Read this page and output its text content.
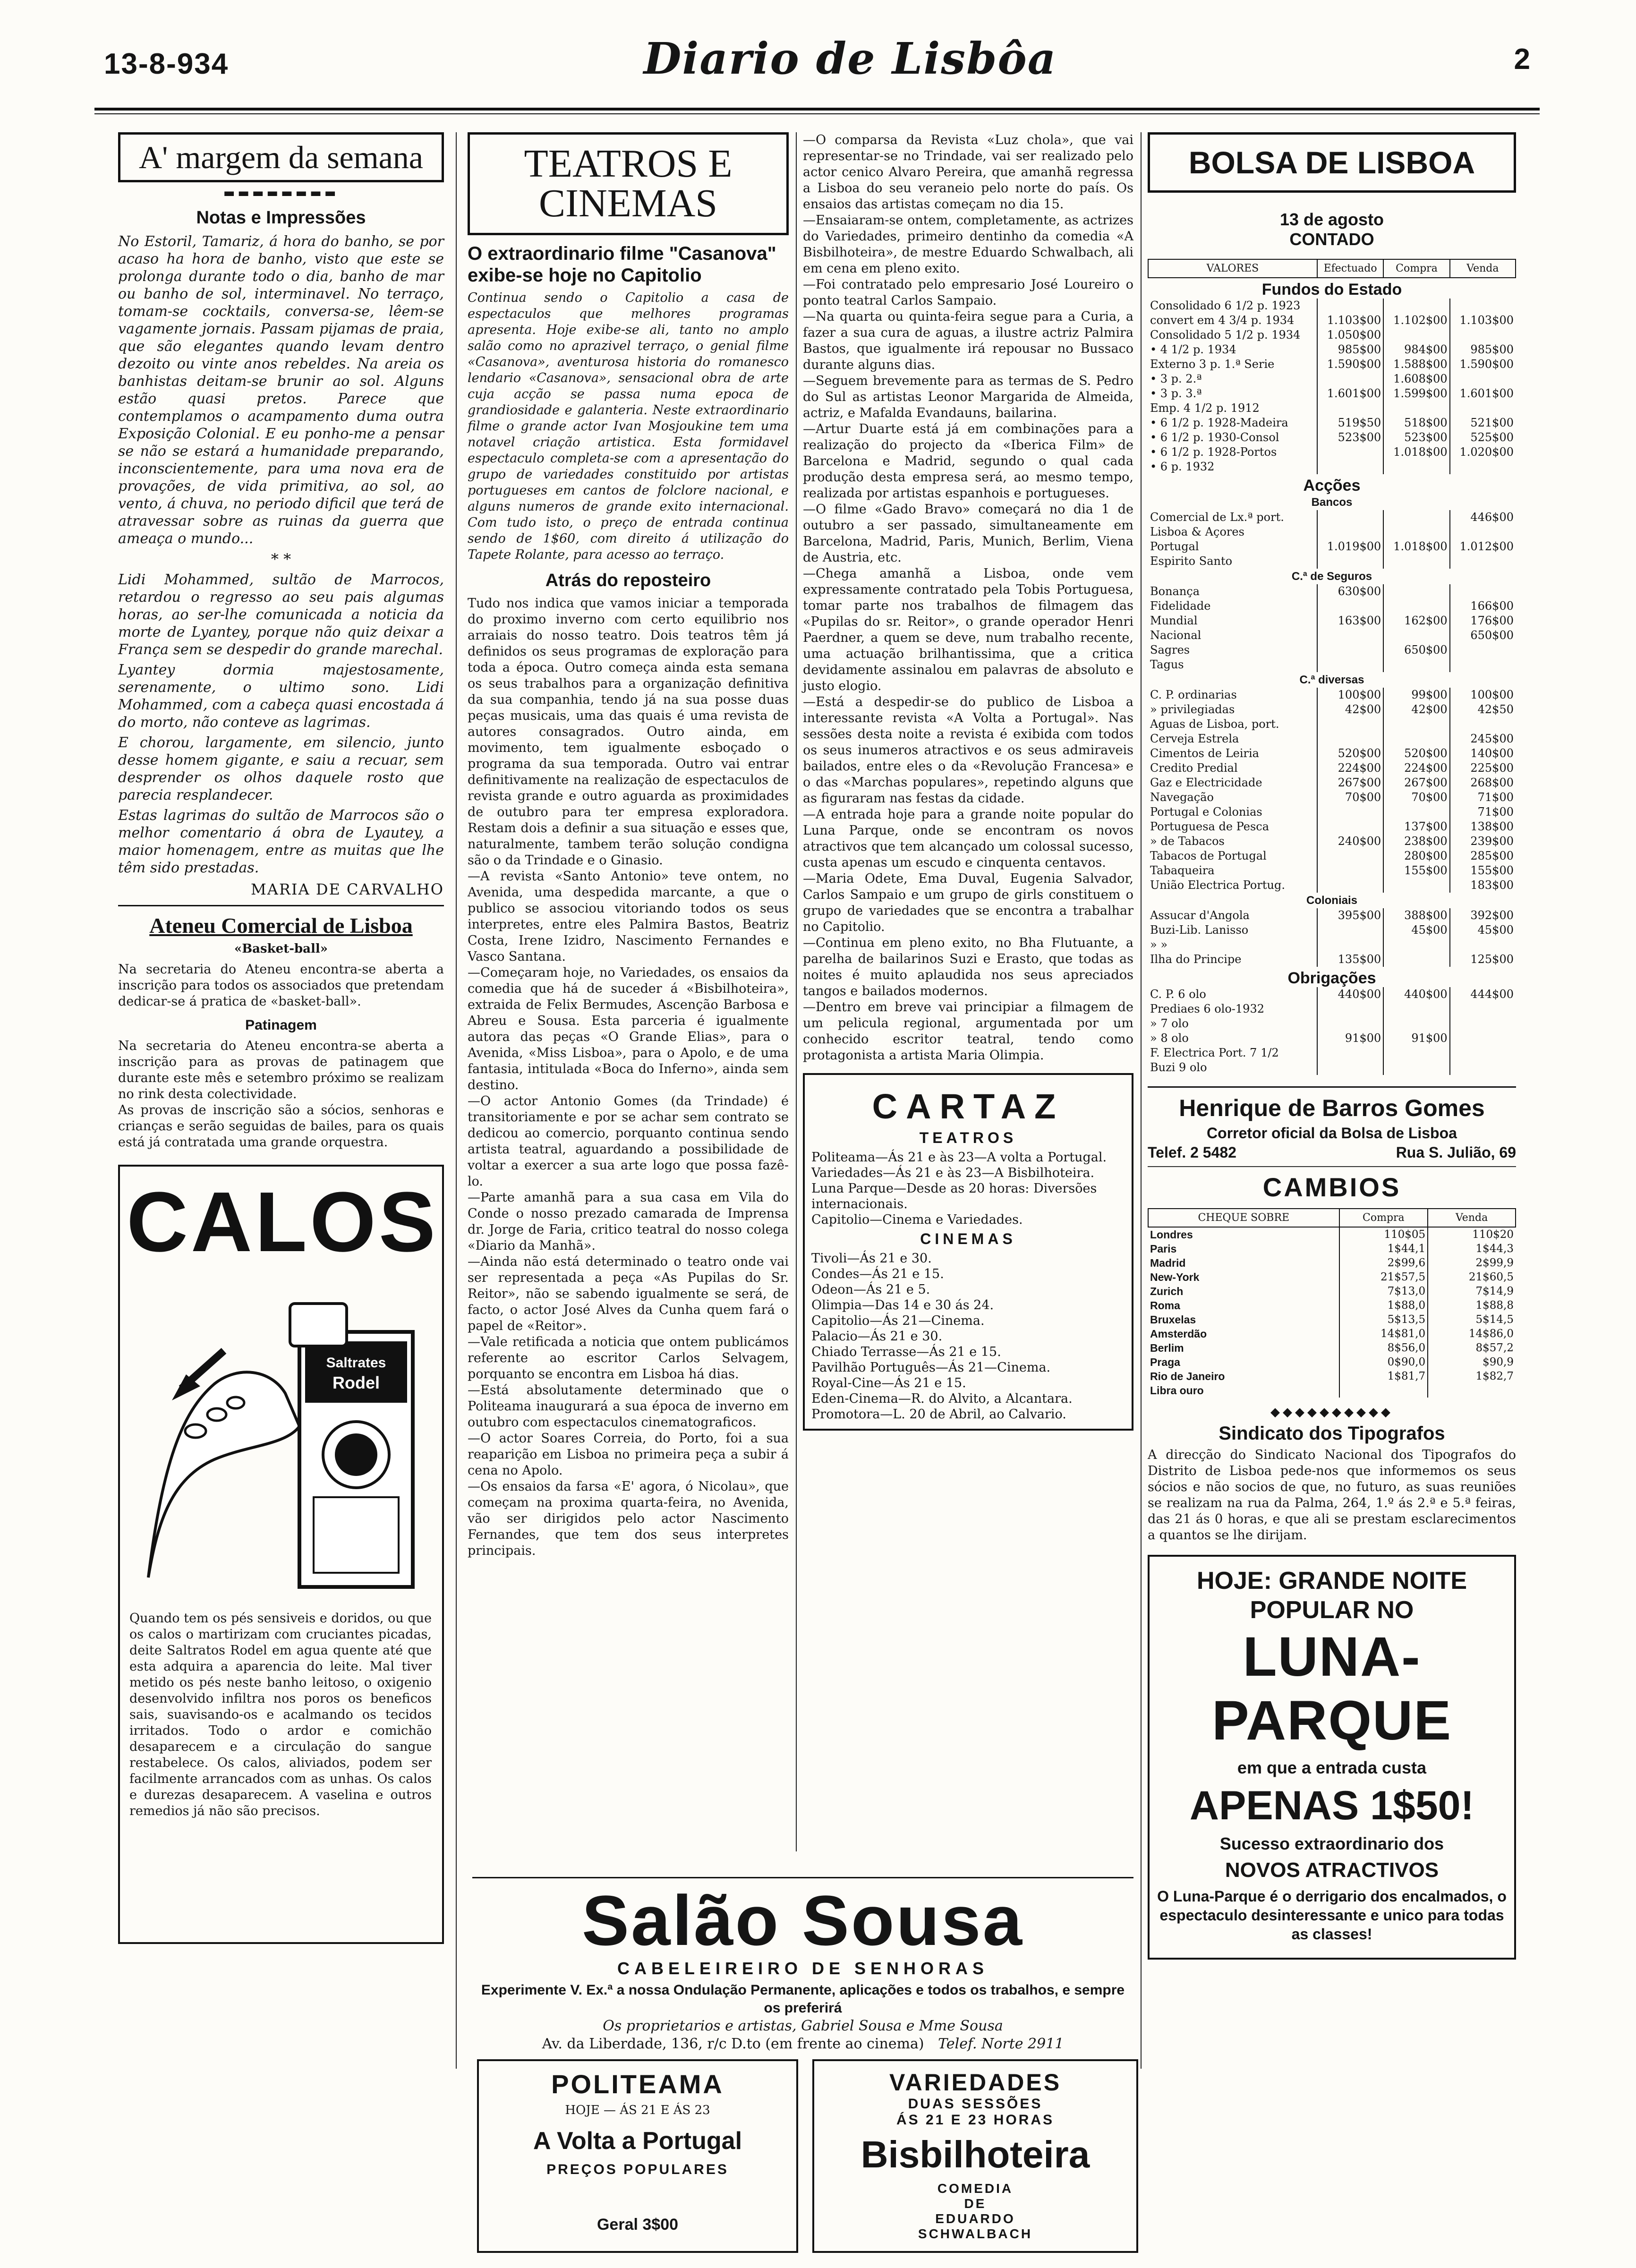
13-8-934	Diario de Lisbôa	2
A' margem da semana
▬▬▬▬▬▬▬▬
Notas e Impressões

No Estoril, Tamariz, á hora do banho, se por acaso ha hora de banho, visto que este se prolonga durante todo o dia, banho de mar ou banho de sol, interminavel. No terraço, tomam-se cocktails, conversa-se, lêem-se vagamente jornais. Passam pijamas de praia, que são elegantes quando levam dentro dezoito ou vinte anos rebeldes. Na areia os banhistas deitam-se brunir ao sol. Alguns estão quasi pretos. Parece que contemplamos o acampamento duma outra Exposição Colonial. E eu ponho-me a pensar se não se estará a humanidade preparando, inconscientemente, para uma nova era de provações, de vida primitiva, ao sol, ao vento, á chuva, no periodo dificil que terá de atravessar sobre as ruinas da guerra que ameaça o mundo...

* *

Lidi Mohammed, sultão de Marrocos, retardou o regresso ao seu pais algumas horas, ao ser-lhe comunicada a noticia da morte de Lyantey, porque não quiz deixar a França sem se despedir do grande marechal.

Lyantey dormia majestosamente, serenamente, o ultimo sono. Lidi Mohammed, com a cabeça quasi encostada á do morto, não conteve as lagrimas.

E chorou, largamente, em silencio, junto desse homem gigante, e saiu a recuar, sem desprender os olhos daquele rosto que parecia resplandecer.

Estas lagrimas do sultão de Marrocos são o melhor comentario á obra de Lyautey, a maior homenagem, entre as muitas que lhe têm sido prestadas.

MARIA DE CARVALHO
Ateneu Comercial de Lisboa
«Basket-ball»

Na secretaria do Ateneu encontra-se aberta a inscrição para todos os associados que pretendam dedicar-se á pratica de «basket-ball».

Patinagem

Na secretaria do Ateneu encontra-se aberta a inscrição para as provas de patinagem que durante este mês e setembro próximo se realizam no rink desta colectividade.

As provas de inscrição são a sócios, senhoras e crianças e serão seguidas de bailes, para os quais está já contratada uma grande orquestra.

CALOS
Saltrates
Rodel

Quando tem os pés sensiveis e doridos, ou que os calos o martirizam com cruciantes picadas, deite Saltratos Rodel em agua quente até que esta adquira a aparencia do leite. Mal tiver metido os pés neste banho leitoso, o oxigenio desenvolvido infiltra nos poros os beneficos sais, suavisando-os e acalmando os tecidos irritados. Todo o ardor e comichão desaparecem e a circulação do sangue restabelece. Os calos, aliviados, podem ser facilmente arrancados com as unhas. Os calos e durezas desaparecem. A vaselina e outros remedios já não são precisos.

TEATROS E CINEMAS
O extraordinario filme "Casanova" exibe-se hoje no Capitolio

Continua sendo o Capitolio a casa de espectaculos que melhores programas apresenta. Hoje exibe-se ali, tanto no amplo salão como no aprazivel terraço, o genial filme «Casanova», aventurosa historia do romanesco lendario «Casanova», sensacional obra de arte cuja acção se passa numa epoca de grandiosidade e galanteria. Neste extraordinario filme o grande actor Ivan Mosjoukine tem uma notavel criação artistica. Esta formidavel espectaculo completa-se com a apresentação do grupo de variedades constituido por artistas portugueses em cantos de folclore nacional, e alguns numeros de grande exito internacional. Com tudo isto, o preço de entrada continua sendo de 1$60, com direito á utilização do Tapete Rolante, para acesso ao terraço.

Atrás do reposteiro

Tudo nos indica que vamos iniciar a temporada do proximo inverno com certo equilibrio nos arraiais do nosso teatro. Dois teatros têm já definidos os seus programas de exploração para toda a época. Outro começa ainda esta semana os seus trabalhos para a organização definitiva da sua companhia, tendo já na sua posse duas peças musicais, uma das quais é uma revista de autores consagrados. Outro ainda, em movimento, tem igualmente esboçado o programa da sua temporada. Outro vai entrar definitivamente na realização de espectaculos de revista grande e outro aguarda as proximidades de outubro para ter empresa exploradora. Restam dois a definir a sua situação e esses que, naturalmente, tambem terão solução condigna são o da Trindade e o Ginasio.

—A revista «Santo Antonio» teve ontem, no Avenida, uma despedida marcante, a que o publico se associou vitoriando todos os seus interpretes, entre eles Palmira Bastos, Beatriz Costa, Irene Izidro, Nascimento Fernandes e Vasco Santana.

—Começaram hoje, no Variedades, os ensaios da comedia que há de suceder á «Bisbilhoteira», extraida de Felix Bermudes, Ascenção Barbosa e Abreu e Sousa. Esta parceria é igualmente autora das peças «O Grande Elias», para o Avenida, «Miss Lisboa», para o Apolo, e de uma fantasia, intitulada «Boca do Inferno», ainda sem destino.

—O actor Antonio Gomes (da Trindade) é transitoriamente e por se achar sem contrato se dedicou ao comercio, porquanto continua sendo artista teatral, aguardando a possibilidade de voltar a exercer a sua arte logo que possa fazê-lo.

—Parte amanhã para a sua casa em Vila do Conde o nosso prezado camarada de Imprensa dr. Jorge de Faria, critico teatral do nosso colega «Diario da Manhã».

—Ainda não está determinado o teatro onde vai ser representada a peça «As Pupilas do Sr. Reitor», não se sabendo igualmente se será, de facto, o actor José Alves da Cunha quem fará o papel de «Reitor».

—Vale retificada a noticia que ontem publicámos referente ao escritor Carlos Selvagem, porquanto se encontra em Lisboa há dias.

—Está absolutamente determinado que o Politeama inaugurará a sua época de inverno em outubro com espectaculos cinematograficos.

—O actor Soares Correia, do Porto, foi a sua reaparição em Lisboa no primeira peça a subir á cena no Apolo.

—Os ensaios da farsa «E' agora, ó Nicolau», que começam na proxima quarta-feira, no Avenida, vão ser dirigidos pelo actor Nascimento Fernandes, que tem dos seus interpretes principais.

—O comparsa da Revista «Luz chola», que vai representar-se no Trindade, vai ser realizado pelo actor cenico Alvaro Pereira, que amanhã regressa a Lisboa do seu veraneio pelo norte do país. Os ensaios das artistas começam no dia 15.

—Ensaiaram-se ontem, completamente, as actrizes do Variedades, primeiro dentinho da comedia «A Bisbilhoteira», de mestre Eduardo Schwalbach, ali em cena em pleno exito.

—Foi contratado pelo empresario José Loureiro o ponto teatral Carlos Sampaio.

—Na quarta ou quinta-feira segue para a Curia, a fazer a sua cura de aguas, a ilustre actriz Palmira Bastos, que igualmente irá repousar no Bussaco durante alguns dias.

—Seguem brevemente para as termas de S. Pedro do Sul as artistas Leonor Margarida de Almeida, actriz, e Mafalda Evandauns, bailarina.

—Artur Duarte está já em combinações para a realização do projecto da «Iberica Film» de Barcelona e Madrid, segundo o qual cada produção desta empresa será, ao mesmo tempo, realizada por artistas espanhois e portugueses.

—O filme «Gado Bravo» começará no dia 1 de outubro a ser passado, simultaneamente em Barcelona, Madrid, Paris, Munich, Berlim, Viena de Austria, etc.

—Chega amanhã a Lisboa, onde vem expressamente contratado pela Tobis Portuguesa, tomar parte nos trabalhos de filmagem das «Pupilas do sr. Reitor», o grande operador Henri Paerdner, a quem se deve, num trabalho recente, uma actuação brilhantissima, que a critica devidamente assinalou em palavras de absoluto e justo elogio.

—Está a despedir-se do publico de Lisboa a interessante revista «A Volta a Portugal». Nas sessões desta noite a revista é exibida com todos os seus inumeros atractivos e os seus admiraveis bailados, entre eles o da «Revolução Francesa» e o das «Marchas populares», repetindo alguns que as figuraram nas festas da cidade.

—A entrada hoje para a grande noite popular do Luna Parque, onde se encontram os novos atractivos que tem alcançado um colossal sucesso, custa apenas um escudo e cinquenta centavos.

—Maria Odete, Ema Duval, Eugenia Salvador, Carlos Sampaio e um grupo de girls constituem o grupo de variedades que se encontra a trabalhar no Capitolio.

—Continua em pleno exito, no Bha Flutuante, a parelha de bailarinos Suzi e Erasto, que todas as noites é muito aplaudida nos seus apreciados tangos e bailados modernos.

—Dentro em breve vai principiar a filmagem de um pelicula regional, argumentada por um conhecido escritor teatral, tendo como protagonista a artista Maria Olimpia.

CARTAZ
TEATROS
Politeama—Ás 21 e às 23—A volta a Portugal.
Variedades—Ás 21 e às 23—A Bisbilhoteira.
Luna Parque—Desde as 20 horas: Diversões internacionais.
Capitolio—Cinema e Variedades.
CINEMAS
Tivoli—Ás 21 e 30.
Condes—Ás 21 e 15.
Odeon—Ás 21 e 5.
Olimpia—Das 14 e 30 ás 24.
Capitolio—Ás 21—Cinema.
Palacio—Ás 21 e 30.
Chiado Terrasse—Ás 21 e 15.
Pavilhão Português—Ás 21—Cinema.
Royal-Cine—Ás 21 e 15.
Eden-Cinema—R. do Alvito, a Alcantara.
Promotora—L. 20 de Abril, ao Calvario.
Salão Sousa
CABELEIREIRO DE SENHORAS
Experimente V. Ex.ª a nossa Ondulação Permanente, aplicações e todos os trabalhos, e sempre os preferirá
Os proprietarios e artistas, Gabriel Sousa e Mme Sousa
Av. da Liberdade, 136, r/c D.to (em frente ao cinema) Telef. Norte 2911
POLITEAMA
HOJE — ÁS 21 E ÁS 23
A Volta a Portugal
PREÇOS POPULARES
Geral 3$00
VARIEDADES
DUAS SESSÕES
ÁS 21 E 23 HORAS
Bisbilhoteira
COMEDIA
DE
EDUARDO
SCHWALBACH
BOLSA DE LISBOA
13 de agosto
CONTADO
VALORES	Efectuado	Compra	Venda
Fundos do Estado			
Consolidado 6 1/2 p. 1923			
convert em 4 3/4 p. 1934	1.103$00	1.102$00	1.103$00
Consolidado 5 1/2 p. 1934	1.050$00		
• 4 1/2 p. 1934	985$00	984$00	985$00
Externo 3 p. 1.ª Serie	1.590$00	1.588$00	1.590$00
• 3 p. 2.ª		1.608$00	
• 3 p. 3.ª	1.601$00	1.599$00	1.601$00
Emp. 4 1/2 p. 1912			
• 6 1/2 p. 1928-Madeira	519$50	518$00	521$00
• 6 1/2 p. 1930-Consol	523$00	523$00	525$00
• 6 1/2 p. 1928-Portos		1.018$00	1.020$00
• 6 p. 1932			
Acções			
Bancos			
Comercial de Lx.ª port.			446$00
Lisboa & Açores			
Portugal	1.019$00	1.018$00	1.012$00
Espirito Santo			
C.ª de Seguros			
Bonança	630$00		
Fidelidade			166$00
Mundial	163$00	162$00	176$00
Nacional			650$00
Sagres		650$00	
Tagus			
C.ª diversas			
C. P. ordinarias	100$00	99$00	100$00
» privilegiadas	42$00	42$00	42$50
Aguas de Lisboa, port.			
Cerveja Estrela			245$00
Cimentos de Leiria	520$00	520$00	140$00
Credito Predial	224$00	224$00	225$00
Gaz e Electricidade	267$00	267$00	268$00
Navegação	70$00	70$00	71$00
Portugal e Colonias			71$00
Portuguesa de Pesca		137$00	138$00
» de Tabacos	240$00	238$00	239$00
Tabacos de Portugal		280$00	285$00
Tabaqueira		155$00	155$00
União Electrica Portug.			183$00
Coloniais			
Assucar d'Angola	395$00	388$00	392$00
Buzi-Lib. Lanisso		45$00	45$00
» »			
Ilha do Principe	135$00		125$00
Obrigações			
C. P. 6 olo	440$00	440$00	444$00
Prediaes 6 olo-1932			
» 7 olo			
» 8 olo	91$00	91$00	
F. Electrica Port. 7 1/2			
Buzi 9 olo			
Henrique de Barros Gomes
Corretor oficial da Bolsa de Lisboa
Telef. 2 5482	Rua S. Julião, 69
CAMBIOS
CHEQUE SOBRE	Compra	Venda
Londres	110$05	110$20
Paris	1$44,1	1$44,3
Madrid	2$99,6	2$99,9
New-York	21$57,5	21$60,5
Zurich	7$13,0	7$14,9
Roma	1$88,0	1$88,8
Bruxelas	5$13,5	5$14,5
Amsterdão	14$81,0	14$86,0
Berlim	8$56,0	8$57,2
Praga	0$90,0	$90,9
Rio de Janeiro	1$81,7	1$82,7
Libra ouro		
◆◆◆◆◆◆◆◆◆◆
Sindicato dos Tipografos

A direcção do Sindicato Nacional dos Tipografos do Distrito de Lisboa pede-nos que informemos os seus sócios e não socios de que, no futuro, as suas reuniões se realizam na rua da Palma, 264, 1.º ás 2.ª e 5.ª feiras, das 21 ás 0 horas, e que ali se prestam esclarecimentos a quantos se lhe dirijam.

HOJE: GRANDE NOITE
POPULAR NO
LUNA-PARQUE
em que a entrada custa
APENAS 1$50!
Sucesso extraordinario dos
NOVOS ATRACTIVOS
O Luna-Parque é o derrigario dos encalmados, o espectaculo desinteressante e unico para todas as classes!
